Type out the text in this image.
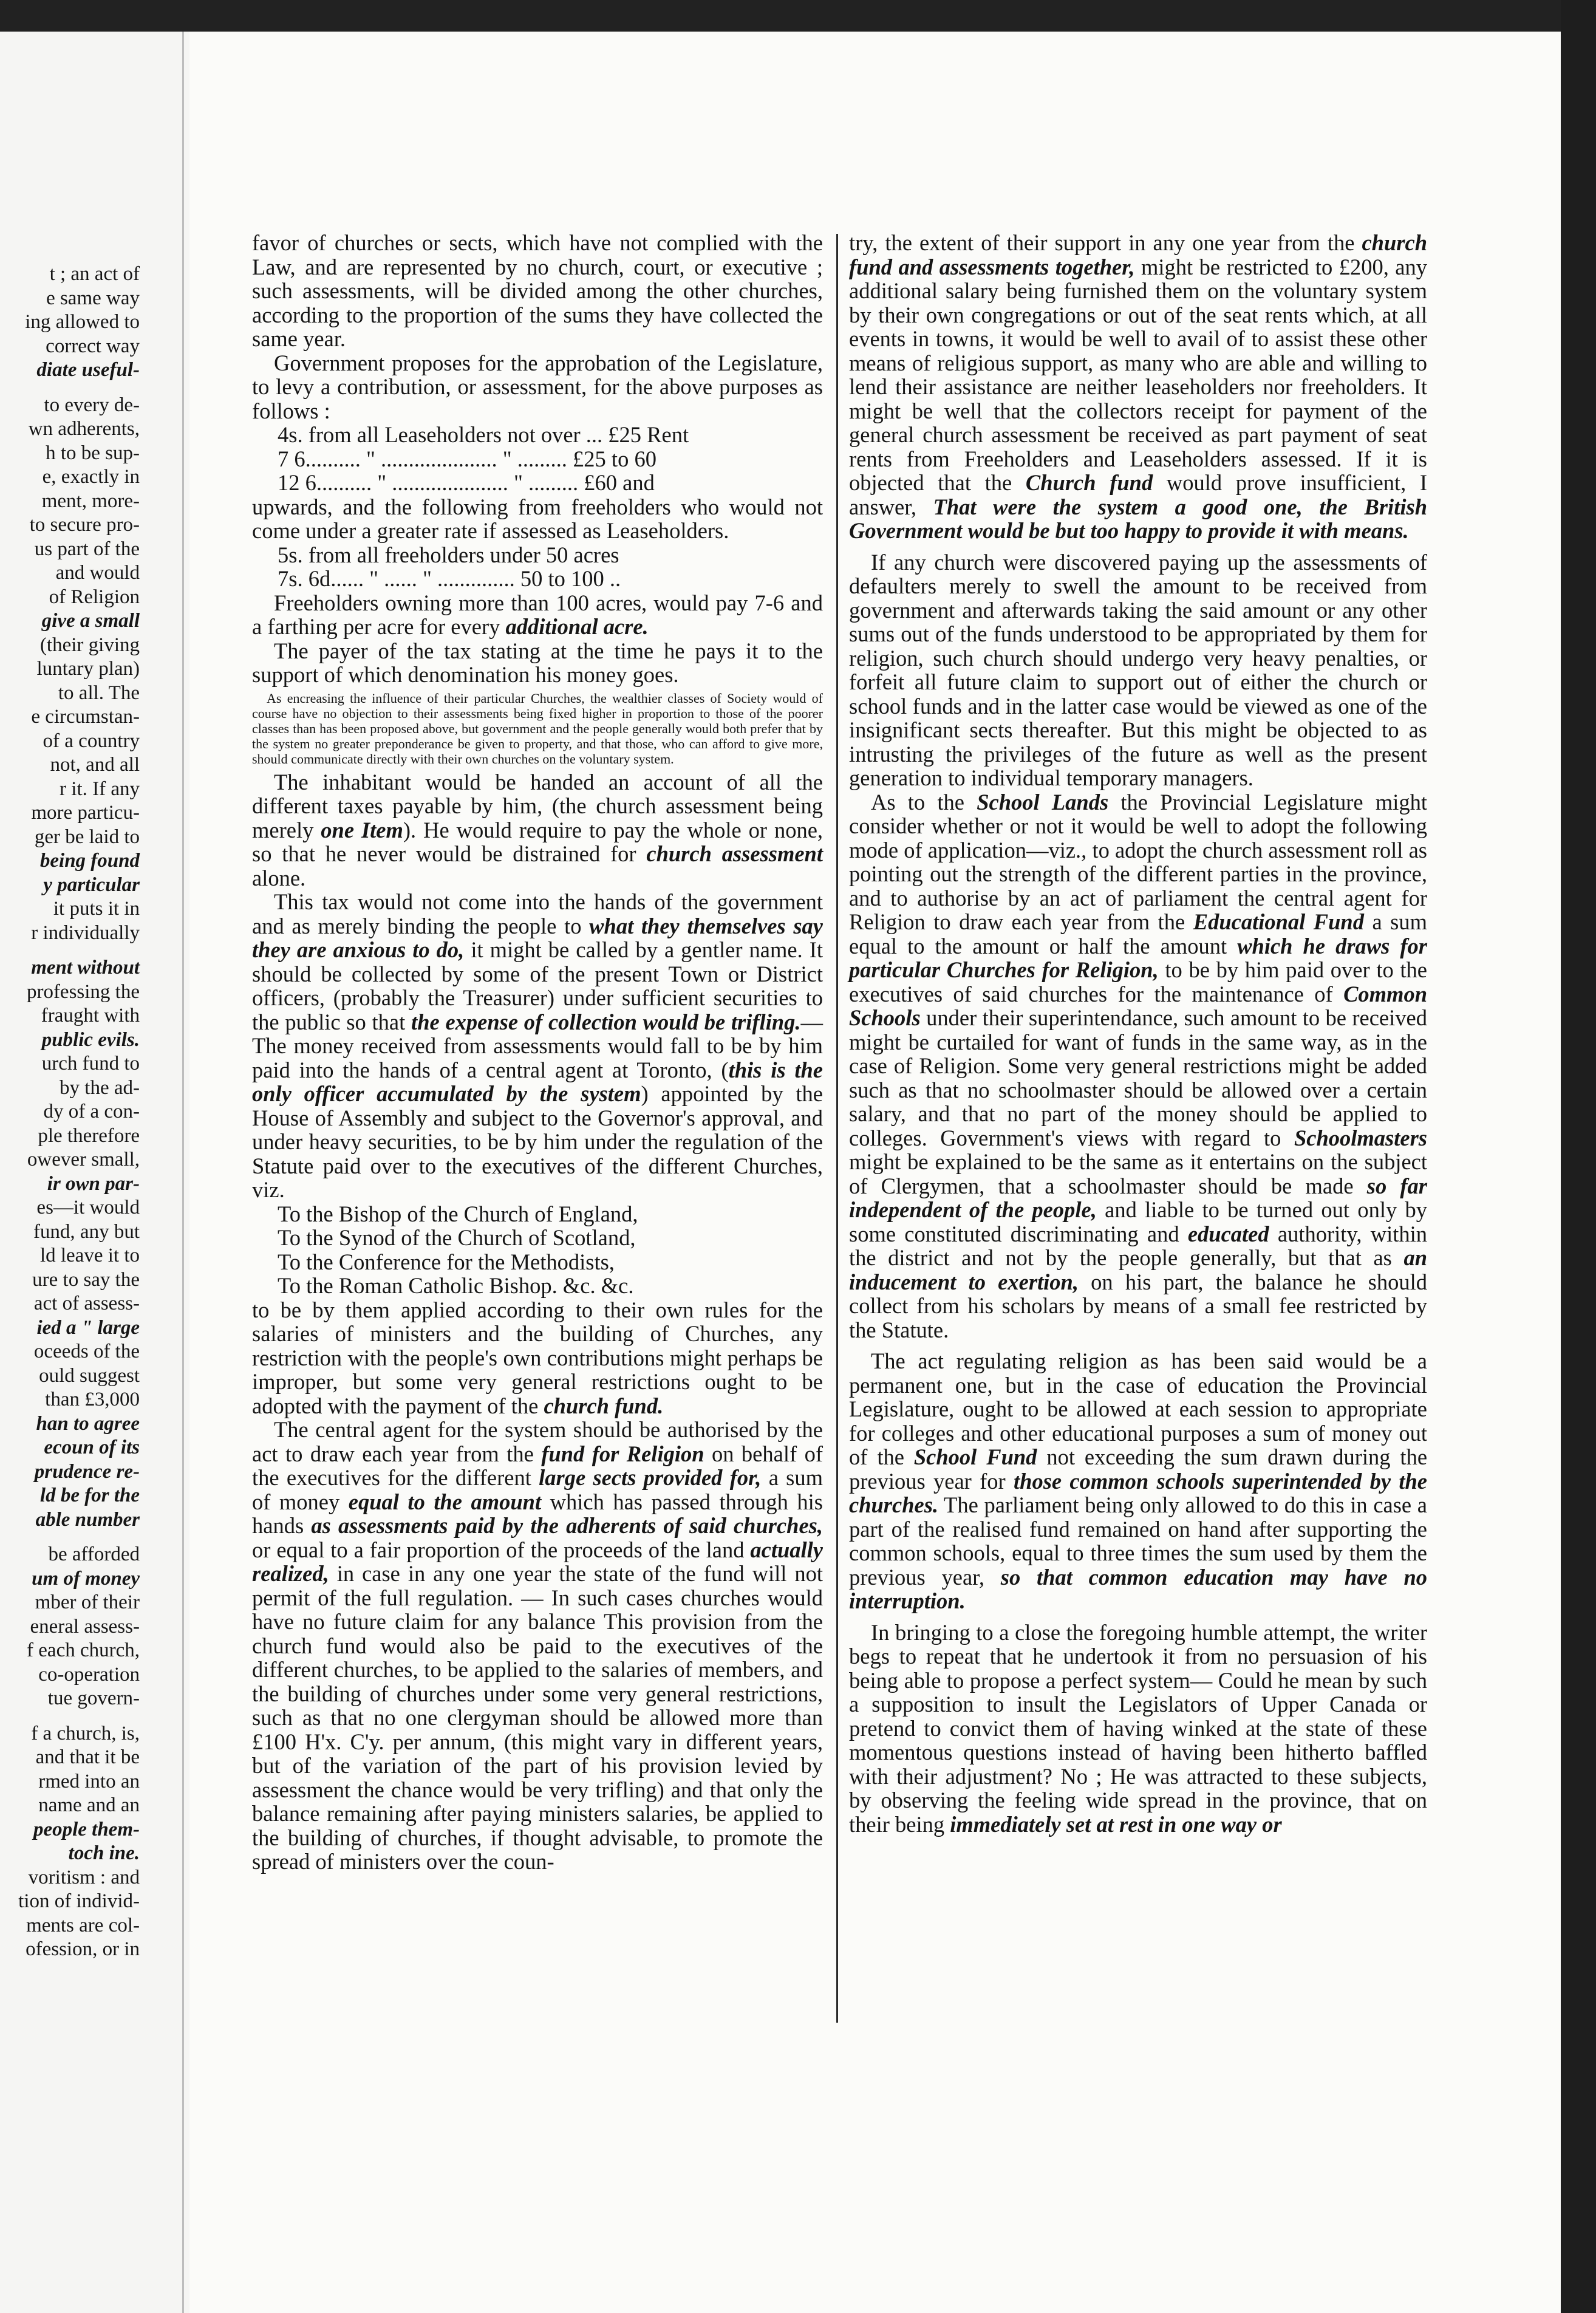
t ; an act of
e same way
ing allowed to
correct way
diate useful-
to every de-
wn adherents,
h to be sup-
e, exactly in
ment, more-
to secure pro-
us part of the
and would
of Religion
give a small
(their giving
luntary plan)
to all. The
e circumstan-
of a country
not, and all
r it. If any
more particu-
ger be laid to
being found
y particular
it puts it in
r individually
ment without
professing the
fraught with
public evils.
urch fund to
by the ad-
dy of a con-
ple therefore
owever small,
ir own par-
es—it would
fund, any but
ld leave it to
ure to say the
act of assess-
ied a " large
oceeds of the
ould suggest
than £3,000
han to agree
ecoun of its
prudence re-
ld be for the
able number
be afforded
um of money
mber of their
eneral assess-
f each church,
co-operation
tue govern-
f a church, is,
and that it be
rmed into an
name and an
people them-
toch ine.
voritism : and
tion of individ-
ments are col-
ofession, or in

favor of churches or sects, which have not complied with the Law, and are represented by no church, court, or executive ; such assessments, will be divided among the other churches, according to the proportion of the sums they have collected the same year.

Government proposes for the approbation of the Legislature, to levy a contribution, or assessment, for the above purposes as follows :

4s. from all Leaseholders not over ... £25 Rent

7 6.......... " ..................... " ......... £25 to 60

12 6.......... " ..................... " ......... £60 and

upwards, and the following from freeholders who would not come under a greater rate if assessed as Leaseholders.

5s. from all freeholders under 50 acres

7s. 6d...... " ...... " .............. 50 to 100 ..

Freeholders owning more than 100 acres, would pay 7-6 and a farthing per acre for every additional acre.

The payer of the tax stating at the time he pays it to the support of which denomination his money goes.

As encreasing the influence of their particular Churches, the wealthier classes of Society would of course have no objection to their assessments being fixed higher in proportion to those of the poorer classes than has been proposed above, but government and the people generally would both prefer that by the system no greater preponderance be given to property, and that those, who can afford to give more, should communicate directly with their own churches on the voluntary system.

The inhabitant would be handed an account of all the different taxes payable by him, (the church assessment being merely one Item). He would require to pay the whole or none, so that he never would be distrained for church assessment alone.

This tax would not come into the hands of the government and as merely binding the people to what they themselves say they are anxious to do, it might be called by a gentler name. It should be collected by some of the present Town or District officers, (probably the Treasurer) under sufficient securities to the public so that the expense of collection would be trifling.— The money received from assessments would fall to be by him paid into the hands of a central agent at Toronto, (this is the only officer accumulated by the system) appointed by the House of Assembly and subject to the Governor's approval, and under heavy securities, to be by him under the regulation of the Statute paid over to the executives of the different Churches, viz.

To the Bishop of the Church of England,

To the Synod of the Church of Scotland,

To the Conference for the Methodists,

To the Roman Catholic Bishop. &c. &c.

to be by them applied according to their own rules for the salaries of ministers and the building of Churches, any restriction with the people's own contributions might perhaps be improper, but some very general restrictions ought to be adopted with the payment of the church fund.

The central agent for the system should be authorised by the act to draw each year from the fund for Religion on behalf of the executives for the different large sects provided for, a sum of money equal to the amount which has passed through his hands as assessments paid by the adherents of said churches, or equal to a fair proportion of the proceeds of the land actually realized, in case in any one year the state of the fund will not permit of the full regulation. — In such cases churches would have no future claim for any balance This provision from the church fund would also be paid to the executives of the different churches, to be applied to the salaries of members, and the building of churches under some very general restrictions, such as that no one clergyman should be allowed more than £100 H'x. C'y. per annum, (this might vary in different years, but of the variation of the part of his provision levied by assessment the chance would be very trifling) and that only the balance remaining after paying ministers salaries, be applied to the building of churches, if thought advisable, to promote the spread of ministers over the coun-

try, the extent of their support in any one year from the church fund and assessments together, might be restricted to £200, any additional salary being furnished them on the voluntary system by their own congregations or out of the seat rents which, at all events in towns, it would be well to avail of to assist these other means of religious support, as many who are able and willing to lend their assistance are neither leaseholders nor freeholders. It might be well that the collectors receipt for payment of the general church assessment be received as part payment of seat rents from Freeholders and Leaseholders assessed. If it is objected that the Church fund would prove insufficient, I answer, That were the system a good one, the British Government would be but too happy to provide it with means.

If any church were discovered paying up the assessments of defaulters merely to swell the amount to be received from government and afterwards taking the said amount or any other sums out of the funds understood to be appropriated by them for religion, such church should undergo very heavy penalties, or forfeit all future claim to support out of either the church or school funds and in the latter case would be viewed as one of the insignificant sects thereafter. But this might be objected to as intrusting the privileges of the future as well as the present generation to individual temporary managers.

As to the School Lands the Provincial Legislature might consider whether or not it would be well to adopt the following mode of application—viz., to adopt the church assessment roll as pointing out the strength of the different parties in the province, and to authorise by an act of parliament the central agent for Religion to draw each year from the Educational Fund a sum equal to the amount or half the amount which he draws for particular Churches for Religion, to be by him paid over to the executives of said churches for the maintenance of Common Schools under their superintendance, such amount to be received might be curtailed for want of funds in the same way, as in the case of Religion. Some very general restrictions might be added such as that no schoolmaster should be allowed over a certain salary, and that no part of the money should be applied to colleges. Government's views with regard to Schoolmasters might be explained to be the same as it entertains on the subject of Clergymen, that a schoolmaster should be made so far independent of the people, and liable to be turned out only by some constituted discriminating and educated authority, within the district and not by the people generally, but that as an inducement to exertion, on his part, the balance he should collect from his scholars by means of a small fee restricted by the Statute.

The act regulating religion as has been said would be a permanent one, but in the case of education the Provincial Legislature, ought to be allowed at each session to appropriate for colleges and other educational purposes a sum of money out of the School Fund not exceeding the sum drawn during the previous year for those common schools superintended by the churches. The parliament being only allowed to do this in case a part of the realised fund remained on hand after supporting the common schools, equal to three times the sum used by them the previous year, so that common education may have no interruption.

In bringing to a close the foregoing humble attempt, the writer begs to repeat that he undertook it from no persuasion of his being able to propose a perfect system— Could he mean by such a supposition to insult the Legislators of Upper Canada or pretend to convict them of having winked at the state of these momentous questions instead of having been hitherto baffled with their adjustment? No ; He was attracted to these subjects, by observing the feeling wide spread in the province, that on their being immediately set at rest in one way or
